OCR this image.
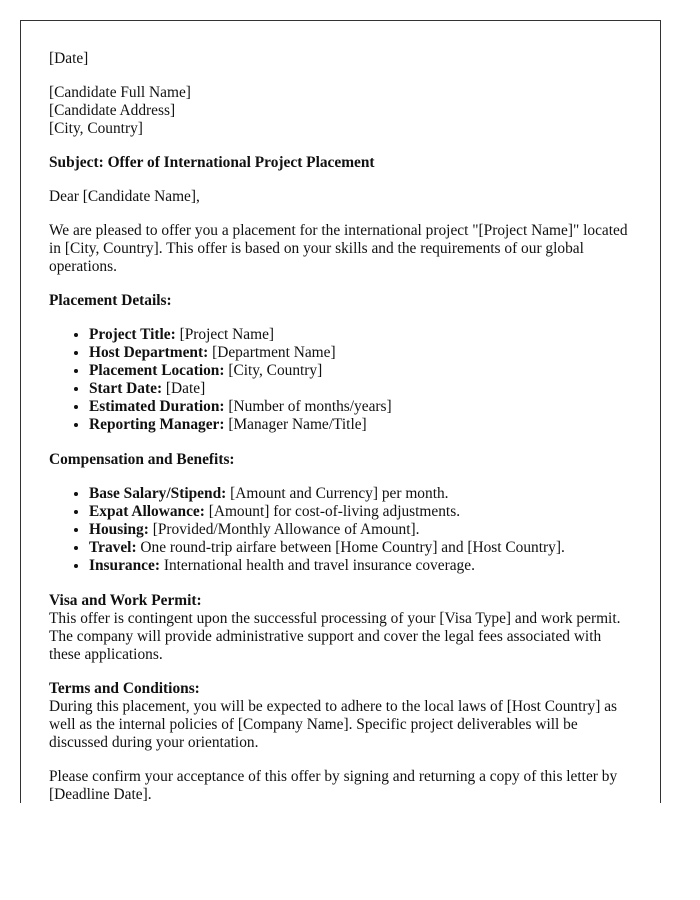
[Date]

[Candidate Full Name]
[Candidate Address]
[City, Country]

Subject: Offer of International Project Placement

Dear [Candidate Name],

We are pleased to offer you a placement for the international project "[Project Name]" located in [City, Country]. This offer is based on your skills and the requirements of our global operations.

Placement Details:

• Project Title: [Project Name]
• Host Department: [Department Name]
• Placement Location: [City, Country]
• Start Date: [Date]
• Estimated Duration: [Number of months/years]
• Reporting Manager: [Manager Name/Title]

Compensation and Benefits:

• Base Salary/Stipend: [Amount and Currency] per month.
• Expat Allowance: [Amount] for cost-of-living adjustments.
• Housing: [Provided/Monthly Allowance of Amount].
• Travel: One round-trip airfare between [Home Country] and [Host Country].
• Insurance: International health and travel insurance coverage.

Visa and Work Permit:
This offer is contingent upon the successful processing of your [Visa Type] and work permit. The company will provide administrative support and cover the legal fees associated with these applications.

Terms and Conditions:
During this placement, you will be expected to adhere to the local laws of [Host Country] as well as the internal policies of [Company Name]. Specific project deliverables will be discussed during your orientation.

Please confirm your acceptance of this offer by signing and returning a copy of this letter by [Deadline Date].
